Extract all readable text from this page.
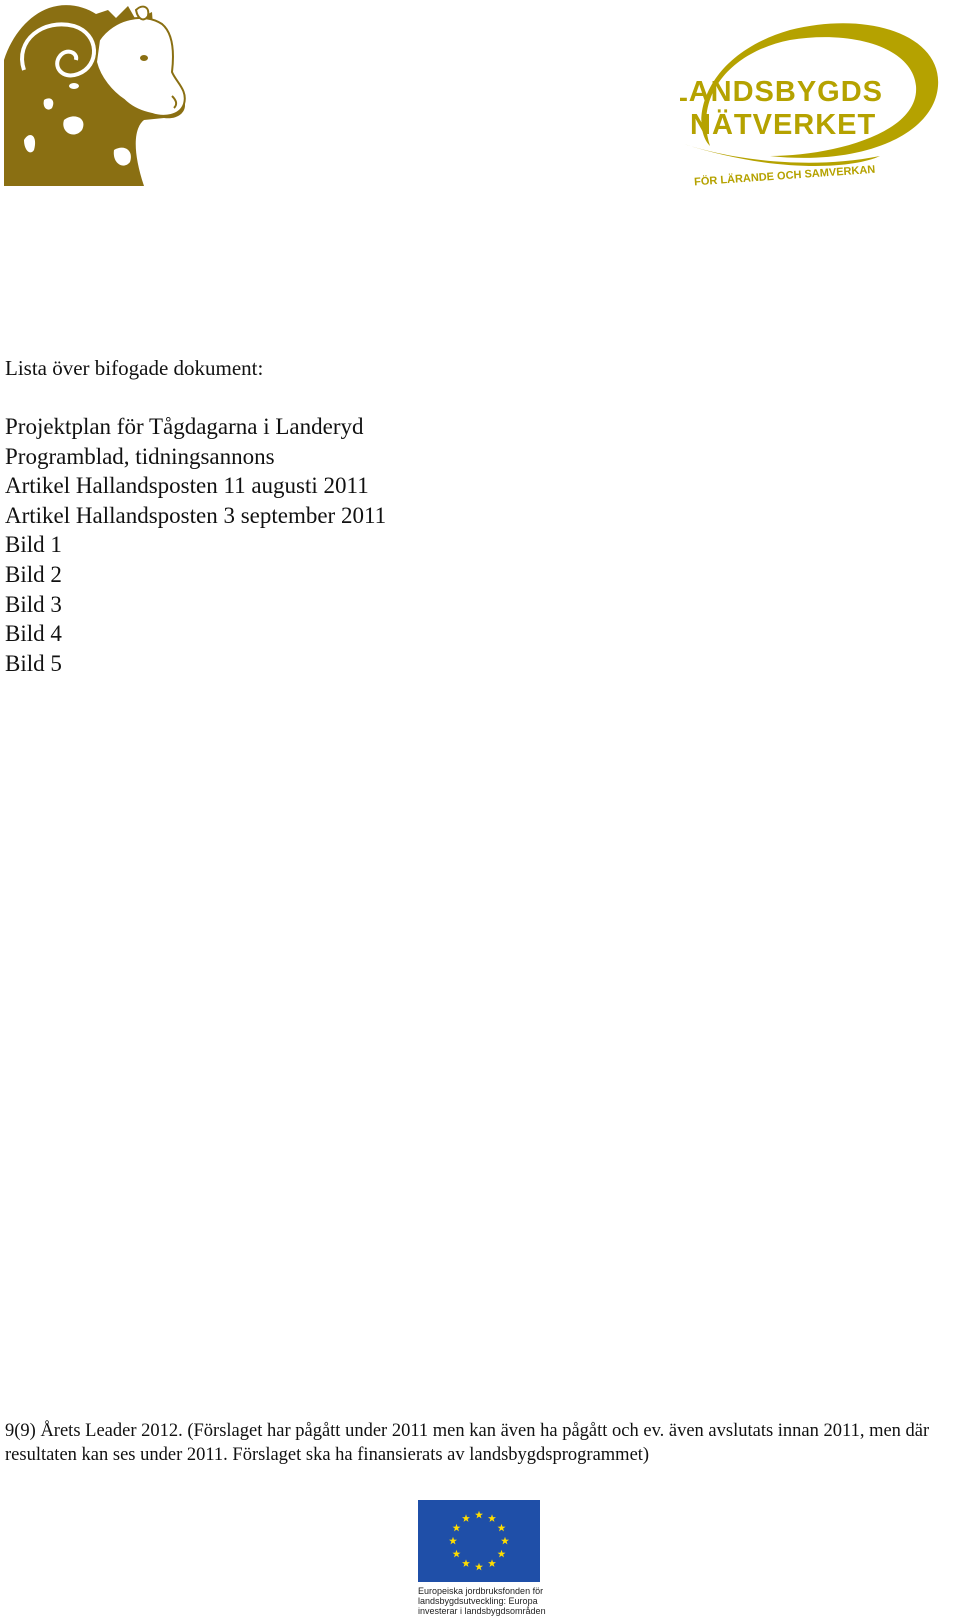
LANDSBYGDS
NÄTVERKET
FÖR LÄRANDE OCH SAMVERKAN

Lista över bifogade dokument:

Projektplan för Tågdagarna i Landeryd
Programblad, tidningsannons
Artikel Hallandsposten 11 augusti 2011
Artikel Hallandsposten 3 september 2011
Bild 1
Bild 2
Bild 3
Bild 4
Bild 5

9(9) Årets Leader 2012. (Förslaget har pågått under 2011 men kan även ha pågått och ev. även avslutats innan 2011, men där resultaten kan ses under 2011. Förslaget ska ha finansierats av landsbygdsprogrammet)

Europeiska jordbruksfonden för
landsbygdsutveckling: Europa
investerar i landsbygdsområden
